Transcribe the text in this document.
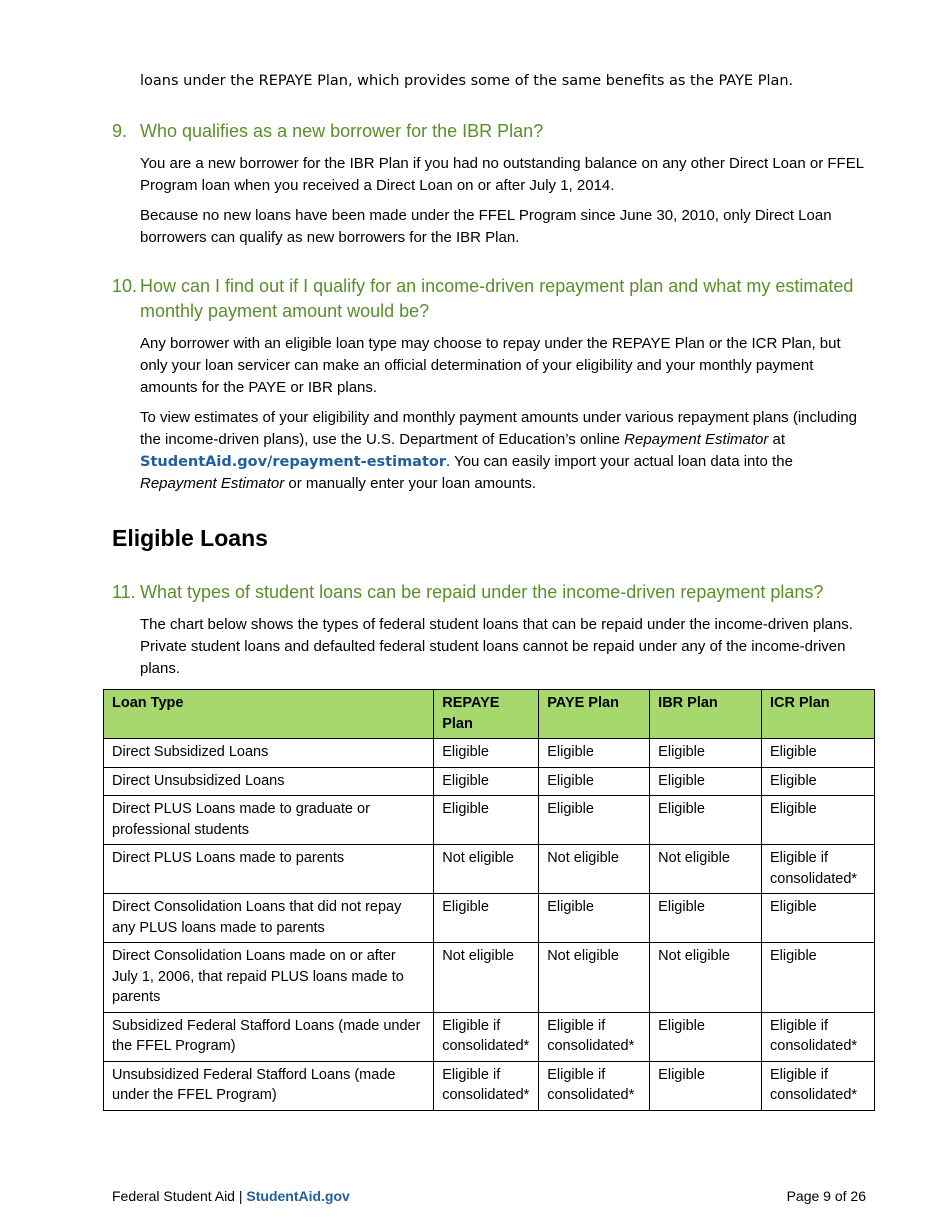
loans under the REPAYE Plan, which provides some of the same benefits as the PAYE Plan.

9. Who qualifies as a new borrower for the IBR Plan?

You are a new borrower for the IBR Plan if you had no outstanding balance on any other Direct Loan or FFEL Program loan when you received a Direct Loan on or after July 1, 2014.

Because no new loans have been made under the FFEL Program since June 30, 2010, only Direct Loan borrowers can qualify as new borrowers for the IBR Plan.

10. How can I find out if I qualify for an income-driven repayment plan and what my estimated monthly payment amount would be?

Any borrower with an eligible loan type may choose to repay under the REPAYE Plan or the ICR Plan, but only your loan servicer can make an official determination of your eligibility and your monthly payment amounts for the PAYE or IBR plans.

To view estimates of your eligibility and monthly payment amounts under various repayment plans (including the income-driven plans), use the U.S. Department of Education’s online Repayment Estimator at StudentAid.gov/repayment-estimator. You can easily import your actual loan data into the Repayment Estimator or manually enter your loan amounts.

Eligible Loans
11. What types of student loans can be repaid under the income-driven repayment plans?

The chart below shows the types of federal student loans that can be repaid under the income-driven plans. Private student loans and defaulted federal student loans cannot be repaid under any of the income-driven plans.

Loan Type	REPAYE Plan	PAYE Plan	IBR Plan	ICR Plan
Direct Subsidized Loans	Eligible	Eligible	Eligible	Eligible
Direct Unsubsidized Loans	Eligible	Eligible	Eligible	Eligible
Direct PLUS Loans made to graduate or professional students	Eligible	Eligible	Eligible	Eligible
Direct PLUS Loans made to parents	Not eligible	Not eligible	Not eligible	Eligible if consolidated*
Direct Consolidation Loans that did not repay any PLUS loans made to parents	Eligible	Eligible	Eligible	Eligible
Direct Consolidation Loans made on or after July 1, 2006, that repaid PLUS loans made to parents	Not eligible	Not eligible	Not eligible	Eligible
Subsidized Federal Stafford Loans (made under the FFEL Program)	Eligible if consolidated*	Eligible if consolidated*	Eligible	Eligible if consolidated*
Unsubsidized Federal Stafford Loans (made under the FFEL Program)	Eligible if consolidated*	Eligible if consolidated*	Eligible	Eligible if consolidated*
Federal Student Aid | StudentAid.gov	Page 9 of 26
